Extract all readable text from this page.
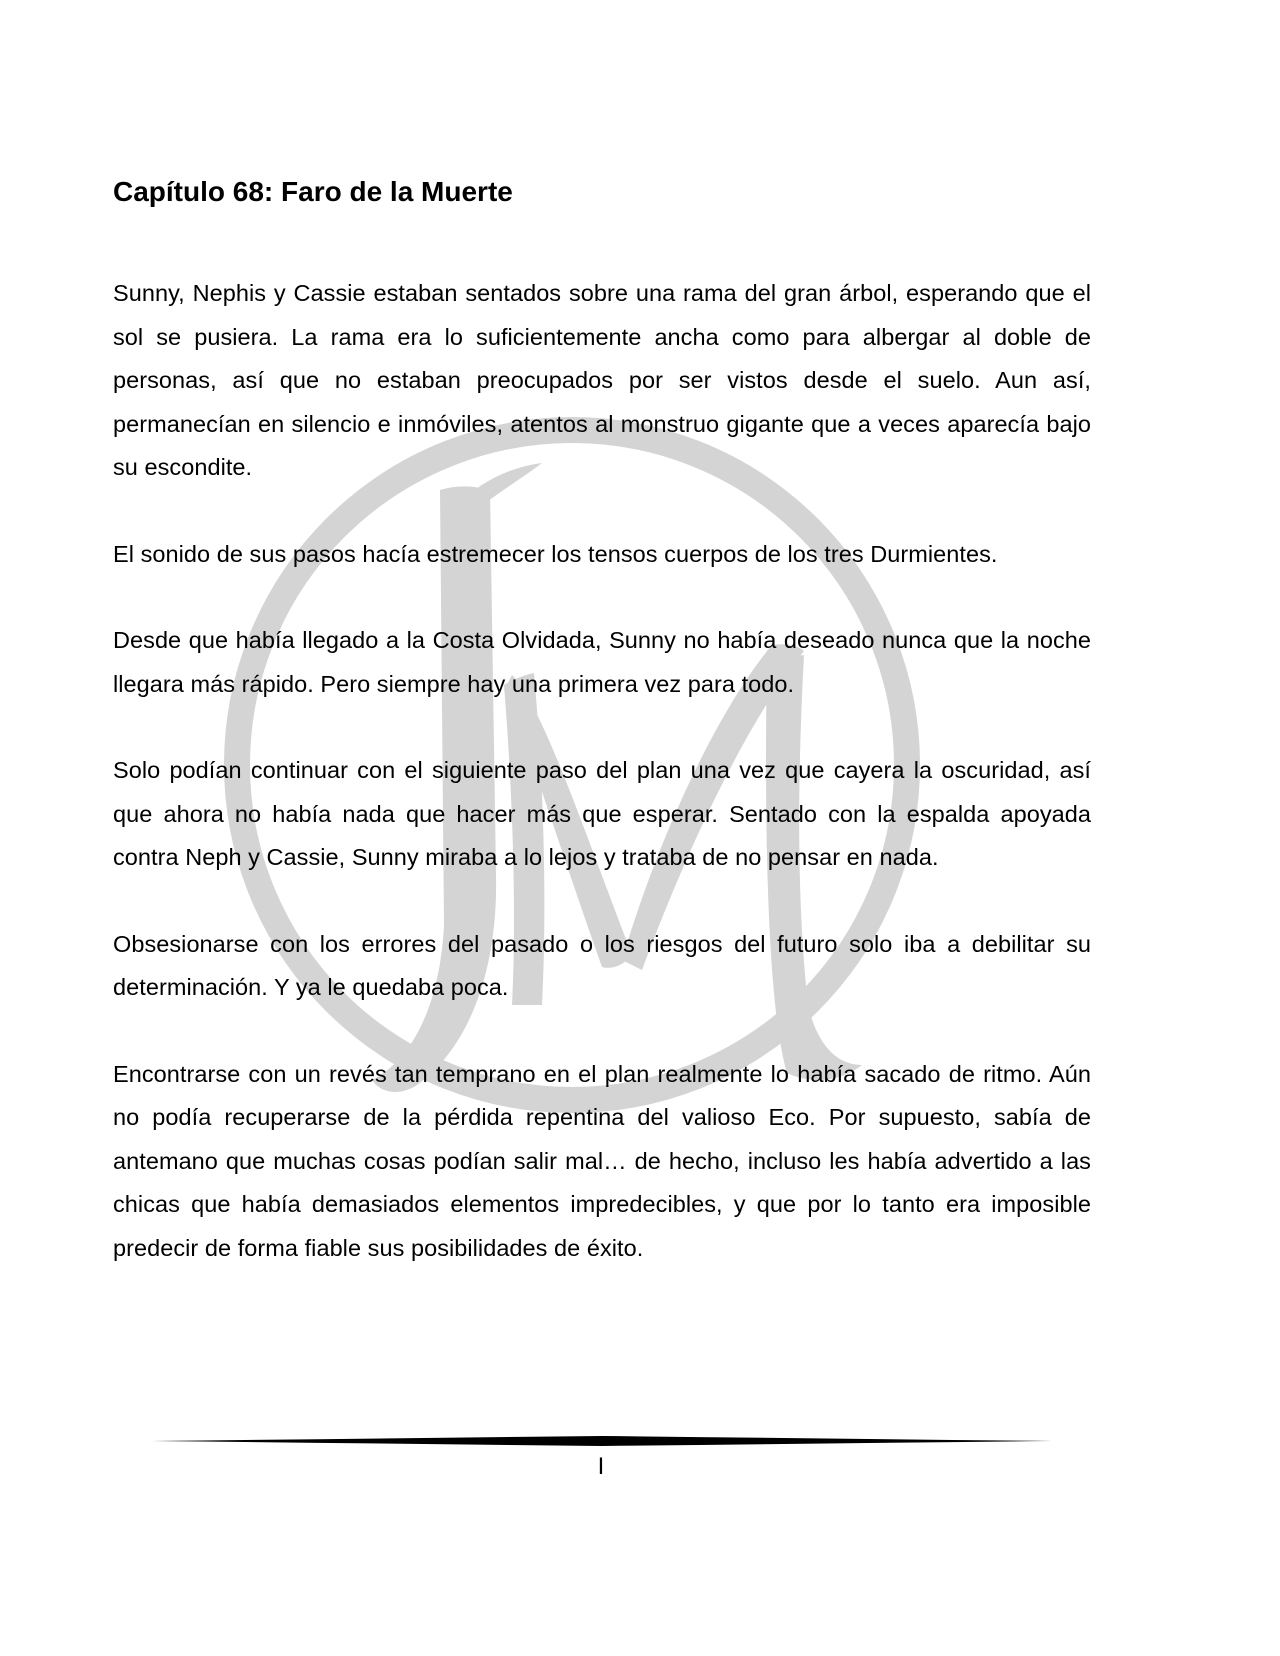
Capítulo 68: Faro de la Muerte

Sunny, Nephis y Cassie estaban sentados sobre una rama del gran árbol, esperando que el sol se pusiera. La rama era lo suficientemente ancha como para albergar al doble de personas, así que no estaban preocupados por ser vistos desde el suelo. Aun así, permanecían en silencio e inmóviles, atentos al monstruo gigante que a veces aparecía bajo su escondite.

El sonido de sus pasos hacía estremecer los tensos cuerpos de los tres Durmientes.

Desde que había llegado a la Costa Olvidada, Sunny no había deseado nunca que la noche llegara más rápido. Pero siempre hay una primera vez para todo.

Solo podían continuar con el siguiente paso del plan una vez que cayera la oscuridad, así que ahora no había nada que hacer más que esperar. Sentado con la espalda apoyada contra Neph y Cassie, Sunny miraba a lo lejos y trataba de no pensar en nada.

Obsesionarse con los errores del pasado o los riesgos del futuro solo iba a debilitar su determinación. Y ya le quedaba poca.

Encontrarse con un revés tan temprano en el plan realmente lo había sacado de ritmo. Aún no podía recuperarse de la pérdida repentina del valioso Eco. Por supuesto, sabía de antemano que muchas cosas podían salir mal… de hecho, incluso les había advertido a las chicas que había demasiados elementos impredecibles, y que por lo tanto era imposible predecir de forma fiable sus posibilidades de éxito.

I
